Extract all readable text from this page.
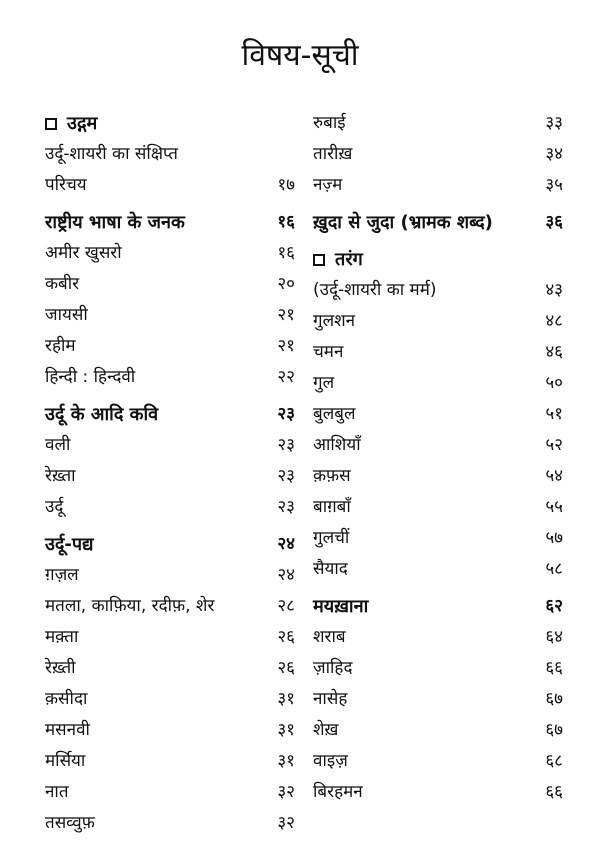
विषय-सूची
उद्गम
उर्दू-शायरी का संक्षिप्त
परिचय	१७
राष्ट्रीय भाषा के जनक	१६
अमीर खुसरो	१६
कबीर	२०
जायसी	२१
रहीम	२१
हिन्दी : हिन्दवी	२२
उर्दू के आदि कवि	२३
वली	२३
रेख़्ता	२३
उर्दू	२३
उर्दू-पद्य	२४
ग़ज़ल	२४
मतला, काफ़िया, रदीफ़, शेर	२८
मक़्ता	२६
रेख़्ती	२६
क़सीदा	३१
मसनवी	३१
मर्सिया	३१
नात	३२
तसव्वुफ़	३२
रुबाई	३३
तारीख़	३४
नज़्म	३५
ख़ुदा से जुदा (भ्रामक शब्द)	३६
तरंग
(उर्दू-शायरी का मर्म)	४३
गुलशन	४८
चमन	४६
गुल	५०
बुलबुल	५१
आशियाँ	५२
क़फ़स	५४
बाग़बाँ	५५
गुलचीं	५७
सैयाद	५८
मयख़ाना	६२
शराब	६४
ज़ाहिद	६६
नासेह	६७
शेख़	६७
वाइज़	६८
बिरहमन	६६
